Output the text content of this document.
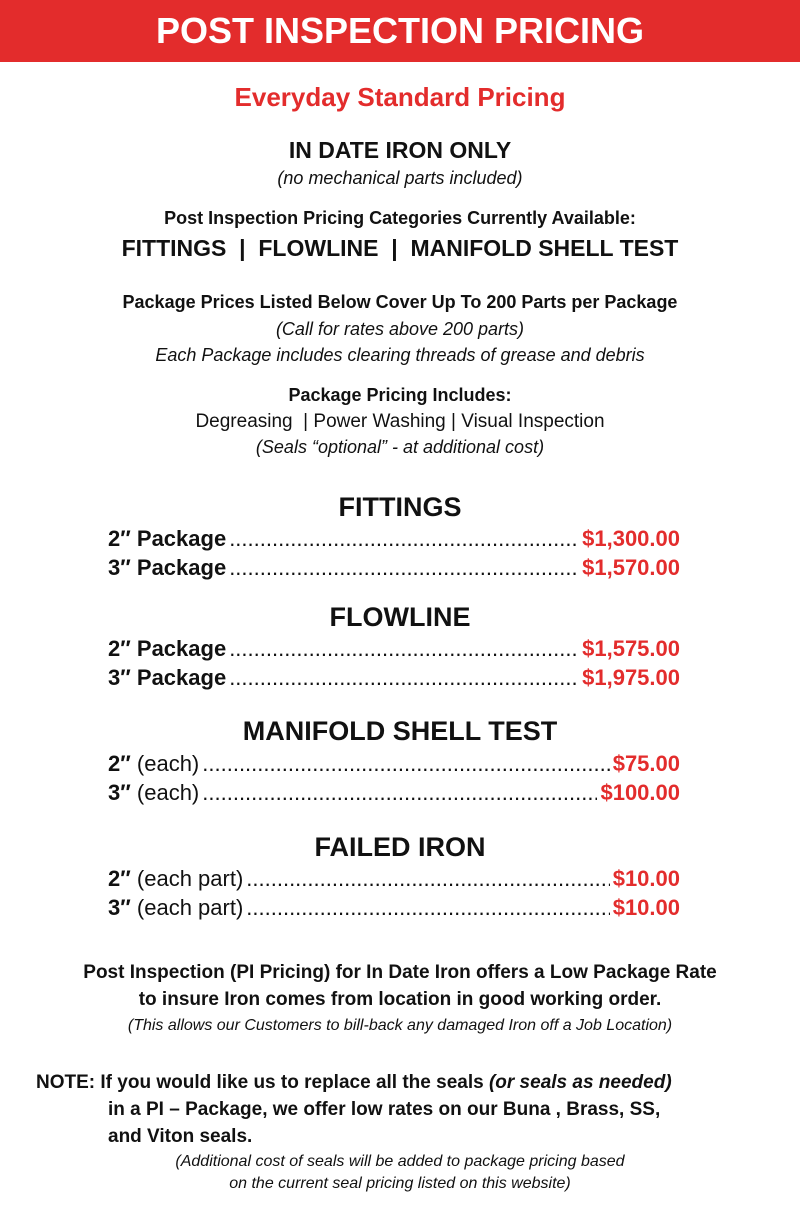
POST INSPECTION PRICING
Everyday Standard Pricing
IN DATE IRON ONLY
(no mechanical parts included)
Post Inspection Pricing Categories Currently Available:
FITTINGS  |  FLOWLINE  |  MANIFOLD SHELL TEST
Package Prices Listed Below Cover Up To 200 Parts per Package
(Call for rates above 200 parts)
Each Package includes clearing threads of grease and debris
Package Pricing Includes:
Degreasing  | Power Washing | Visual Inspection
(Seals “optional” - at additional cost)
FITTINGS
2″ Package .....	$1,300.00
3″ Package .....	$1,570.00
FLOWLINE
2″ Package .....	$1,575.00
3″ Package .....	$1,975.00
MANIFOLD SHELL TEST
2″ (each) .....	$75.00
3″ (each) .....	$100.00
FAILED IRON
2″ (each part) .....	$10.00
3″ (each part) .....	$10.00
Post Inspection (PI Pricing) for In Date Iron offers a Low Package Rate
to insure Iron comes from location in good working order.
(This allows our Customers to bill-back any damaged Iron off a Job Location)
NOTE: If you would like us to replace all the seals (or seals as needed)
in a PI – Package, we offer low rates on our Buna , Brass, SS,
and Viton seals.
(Additional cost of seals will be added to package pricing based
on the current seal pricing listed on this website)
